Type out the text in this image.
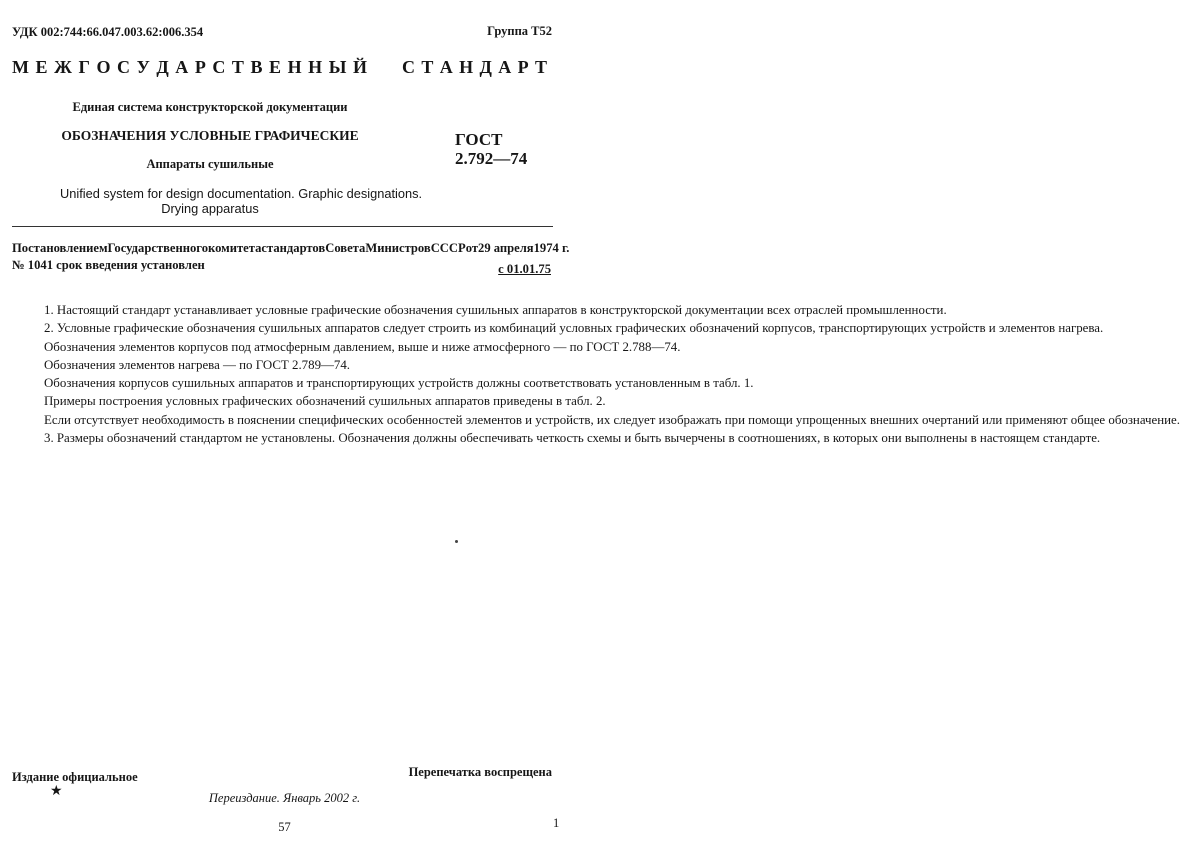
УДК 002:744:66.047.003.62:006.354	Группа Т52
М Е Ж Г О С У Д А Р С Т В Е Н Н Ы Й С Т А Н Д А Р Т
Единая система конструкторской документации
ОБОЗНАЧЕНИЯ УСЛОВНЫЕ ГРАФИЧЕСКИЕ
Аппараты сушильные
ГОСТ
2.792—74
Unified system for design documentation. Graphic designations.
Drying apparatus
Постановлением Государственного комитета стандартов Совета Министров СССР от 29 апреля 1974 г.
№ 1041 срок введения установлен	с 01.01.75

1. Настоящий стандарт устанавливает условные графические обозначения сушильных аппаратов в конструкторской документации всех отраслей промышленности.

2. Условные графические обозначения сушильных аппаратов следует строить из комбинаций условных графических обозначений корпусов, транспортирующих устройств и элементов нагрева.

Обозначения элементов корпусов под атмосферным давлением, выше и ниже атмосферного — по ГОСТ 2.788—74.

Обозначения элементов нагрева — по ГОСТ 2.789—74.

Обозначения корпусов сушильных аппаратов и транспортирующих устройств должны соответствовать установленным в табл. 1.

Примеры построения условных графических обозначений сушильных аппаратов приведены в табл. 2.

Если отсутствует необходимость в пояснении специфических особенностей элементов и устройств, их следует изображать при помощи упрощенных внешних очертаний или применяют общее обозначение.

3. Размеры обозначений стандартом не установлены. Обозначения должны обеспечивать четкость схемы и быть вычерчены в соотношениях, в которых они выполнены в настоящем стандарте.

Издание официальное	Перепечатка воспрещена
★	Переиздание. Январь 2002 г.
57	1
